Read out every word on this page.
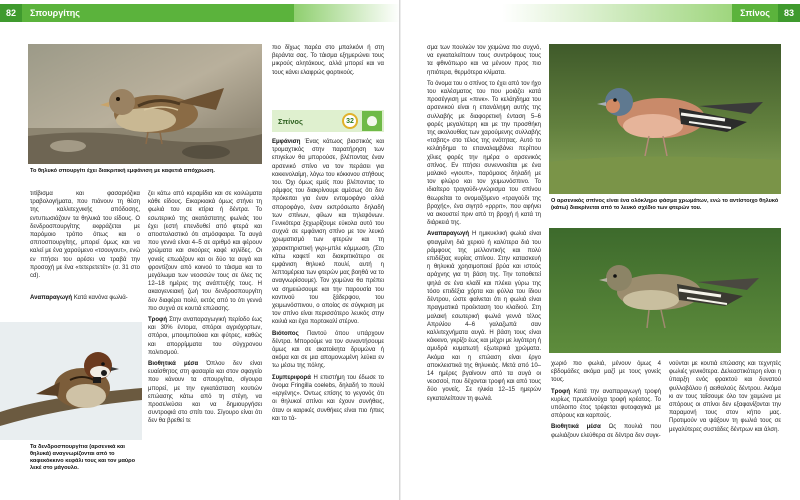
82	Σπουργίτης
Το θηλυκό σπουργίτι έχει διακριτική εμφάνιση με καφετιά απόχρωση.

τιτίβισμα και φασαριόζικα τραβολογήματα, που πιάνουν τη θέση της καλλιτεχνικής απόδοσης, εντυπωσιάζουν τα θηλυκά του είδους. Ο δενδροσπουργίτης εκφράζεται με παρόμοιο τρόπο όπως και ο σπιτοσπουργίτης, μπορεί όμως και να καλεί με ένα χαρούμενο «τσουγουτ», ενώ εν πτήσει του αρέσει να τραβά την προσοχή με ένα «τετερετετέτ» (σ. 31 στο cd).

Αναπαραγωγή Κατά κανόνα φωλιά-

ζει κάτω από κεραμίδια και σε κοιλώματα κάθε είδους. Εικαρκιακά όμως στήνει τη φωλιά του σε κτίρια ή δέντρα. Το εσωτερικό της ακατάστατης φωλιάς του έχει (εστή επενδυθεί από φτερά και αποστολαστικό ότι ατμόσφαιρα. Τα αυγά που γεννά είναι 4–5 σε αριθμό και φέρουν χρώματα και σκούρες καφέ κηλίδες. Οι γονείς επωάζουν και οι δύο τα αυγά και φροντίζουν από κοινού το τάισμα και το μεγάλωμα των νεοσσών τους σε όλες τις 12–18 ημέρες της ανάπτυξής τους. Η ακαογενειακή ζωή του δενδροσπουργίτη δεν διαφέρει πολύ, εκτός από το ότι γεννά πιο συχνά σε κουτιά επώασης.

Τροφή Στην αναπαραγωγική περίοδο έως και 30% έντομα, σπόροι αγριόχορτων, σπόροι, μπουμπούκια και φύτρες, καθώς και απορρίμματα του σύγχρονου πολιτισμού.

Βιοθητικά μέσα Όπλου δεν είναι ευαίσθητος στη φασαρία και στον σφαγείο που κάνουν τα σπουργίτια, σίγουρα μπορεί, με την εγκατάσταση κουτιών επώασης κάτω από τη στέγη, να προσελκύσει και να δημιουργήσει συντροφιά στο σπίτι του. Σίγουρο είναι ότι δεν θα βρεθεί τε

Τα δενδροσπουργίτια (αρσενικά και θηλυκά) αναγνωρίζονται από το καφεκόκκινο κεφάλι τους και τον μαύρο λεκέ στο μάγουλο.

πιο δίχως παρέα στο μπαλκόνι ή στη βεράντα σας. Το τάισμα εξημερώνει τους μικρούς αλητάκους, αλλά μπορεί και να τους κάνει ελαφρώς φορτικούς.

Σπίνος	32

Εμφάνιση Ένας κάτωος βιαστικός και τρομαχτικός στην παρατήρηση των επιγείων θα μπορούσε, βλέποντας έναν αρσενικό σπίνο να τον περάσει για κοκκινολαίμη, λόγω του κόκκινου στήθους του. Όχι όμως εμείς που βλέποντας το ράμφος του διακρίνουμε αμέσως ότι δεν πρόκειται για έναν εντομοφάγο αλλά σποροφάγο, έναν εκπρόσωπο δηλαδή των σπίνων, φίλων και τηλεψόνων. Γενικότερα ξεχωρίζουμε εύκολα αυτό του συχνά σε εμφάνιση σπίνο με τον λευκό χρωματισμό των φτερών και τη χαρακτηριστική γκρι-μπλε κόμμωση. (Στο κάτω καφετί και διακριτικότερο σε εμφάνιση θηλυκό πουλί, αυτή η λεπτομέρεια των φτερών μας βοηθά να το αναγνωρίσουμε). Τον χειμώνα θα πρέπει να σημειώσουμε και την παρουσία του κοντινού του ξάδερφου, του χειμωνόσπινου, ο οποίος σε σύγκριση με τον σπίνο είναι περισσότερο λευκός στην κοιλιά και έχει πορτοκαλί στέρνο.

Βιότοπος Παντού όπου υπάρχουν δέντρα. Μπορούμε να τον συναντήσουμε όμως και σε ακατοίκητα δρυμώνα ή ακόμα και σε μια απομονωμένη λεύκα εν τω μέσω της πόλης.

Συμπεριφορά Η επιστήμη του έδωσε το όνομα Fringilla coelebs, δηλαδή το πουλί «εργένης». Όντως επίσης το γεγονός ότι οι θηλυκοί σπίνοι και έχουν συνήθεις, όταν οι καιρικές συνθήκες είναι πιο ήπιες και το τά-

Σπίνος	83

σμα των πουλιών τον χειμώνα πιο συχνό, να εγκαταλείπουν τους συντρόφους τους τα φθινόπωρο και να μένουν προς πιο ηπιότερα, θερμότερα κλίματα.

Το όνομα του ο σπίνος το έχει από τον ήχο του καλέσματος του που μοιάζει κατά προσέγγιση με «πινκ». Το κελάηδημα του αρσενικού είναι η επανάληψη αυτής της συλλαβής με διαφορετική ένταση 5–6 φορές μεγαλύτερη και με την προσθήκη της ακολουθίας των χαρούμενης συλλαβής «τσβιτς» στο τέλος της ενότητας. Αυτό το κελάηδημα το επαναλαμβάνει περίπου χίλιες φορές την ημέρα ο αρσενικός σπίνος. Εν πτήσει συνεννοείται με ένα μαλακό «γιουπ», παρόμοιος δηλαδή με τον φλώρο και τον χειμωνόσπινο. Το ιδιαίτερο τραγούδι-γνώρισμα του σπίνου θεωρείται το ονομαζόμενο «τραγούδι της βροχής», ένα σιγητό «ρρριτ», που αφήνει να ακουστεί πριν από τη βροχή ή κατά τη διάρκειά της.

Αναπαραγωγή Η ημικυκλική φωλιά είναι φτιαγμένη διά χεριού ή καλύτερα διά του ράμφους της μελλοντικής και πολύ επιδέξιας κυρίας σπίνου. Στην κατασκευή η θηλυκιά χρησιμοποιεί βρύα και ιστούς αράχνης για τη βάση της. Την τοποθετεί ψηλά σε ένα κλαδί και πλέκει γύρω της τόσο επιδέξια χόρτα και φύλλα του ίδιου δέντρου, ώστε φαίνεται ότι η φωλιά είναι πραγματικά προέκταση του κλαδιού. Στη μαλακή εσωτερική φωλιά γεννά τέλος Απριλίου 4–6 γαλαζωπά σαν καλλιτεχνήματα αυγά. Η βάση τους είναι κόκκινο, γκρίζο έως και μέχρι με λιγότερη ή αμυδρά κυματωτή εξωτερικά χρώματα. Ακόμα και η επώαση είναι έργο αποκλειστικά της θηλυκιάς. Μετά από 10–14 ημέρες βγαίνουν από τα αυγά οι νεοσσοί, που δέχονται τροφή και από τους δύο γονείς. Σε ηλικία 12–15 ημερών εγκαταλείπουν τη φωλιά.

Ο αρσενικός σπίνος είναι ένα ολόκληρο φάσμα χρωμάτων, ενώ το αντίστοιχο θηλυκό (κάτω) διακρίνεται από το λευκό σχέδιο των φτερών του.

χωριό πιο φωλιά, μένουν όμως 4 εβδομάδες ακόμα μαζί με τους γονείς τους.

Τροφή Κατά την αναπαραγωγή τροφή κυρίως πρωτεϊνούχα τροφή κρέατος. Το υπόλοιπο έτος τρέφεται φυτοφαγικά με σπόρους και καρπούς.

Βιοθητικά μέσα Ως πουλιά που φωλιάζουν ελεύθερα σε δέντρα δεν συγκ-

νούνται με κουτιά επώασης και τεχνητές φωλιές γενικότερα. Δελεαστικότερη είναι η ύπαρξη ενός φρακτού και δυνατού φυλλοβόλου ή αειθαλούς δέντρου. Ακόμα κι αν τους ταΐσουμε όλο τον χειμώνα με σπόρους οι σπίνοι δεν εξαφανίζονται την παραμονή τους στον κήπο μας. Προτιμούν να ψάξουν τη φωλιά τους σε μεγαλύτερες συστάδες δέντρων και άλση.
